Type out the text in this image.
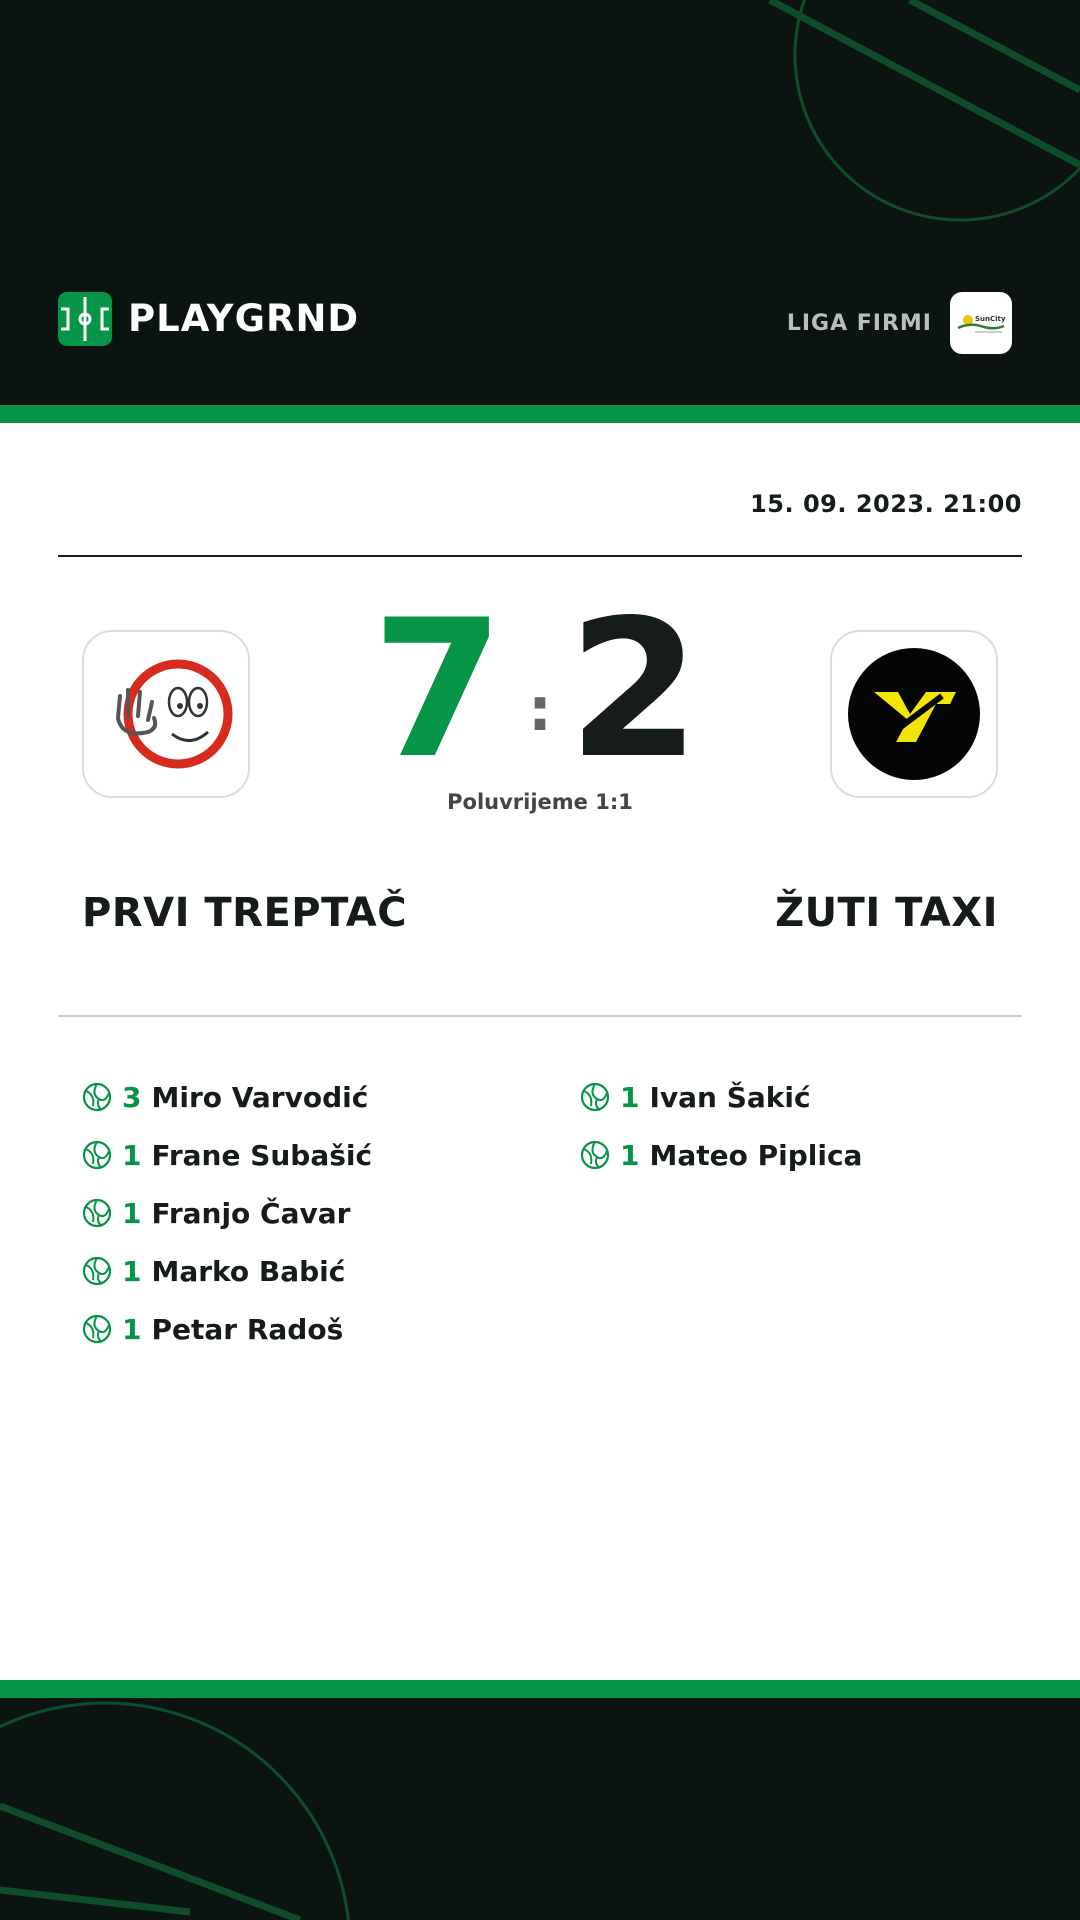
PLAYGRND	LIGA FIRMI	SunCity
15. 09. 2023. 21:00
7 : 2
Poluvrijeme 1:1
PRVI TREPTAČ	ŽUTI TAXI
3 Miro Varvodić
1 Frane Subašić
1 Franjo Čavar
1 Marko Babić
1 Petar Radoš
1 Ivan Šakić
1 Mateo Piplica
